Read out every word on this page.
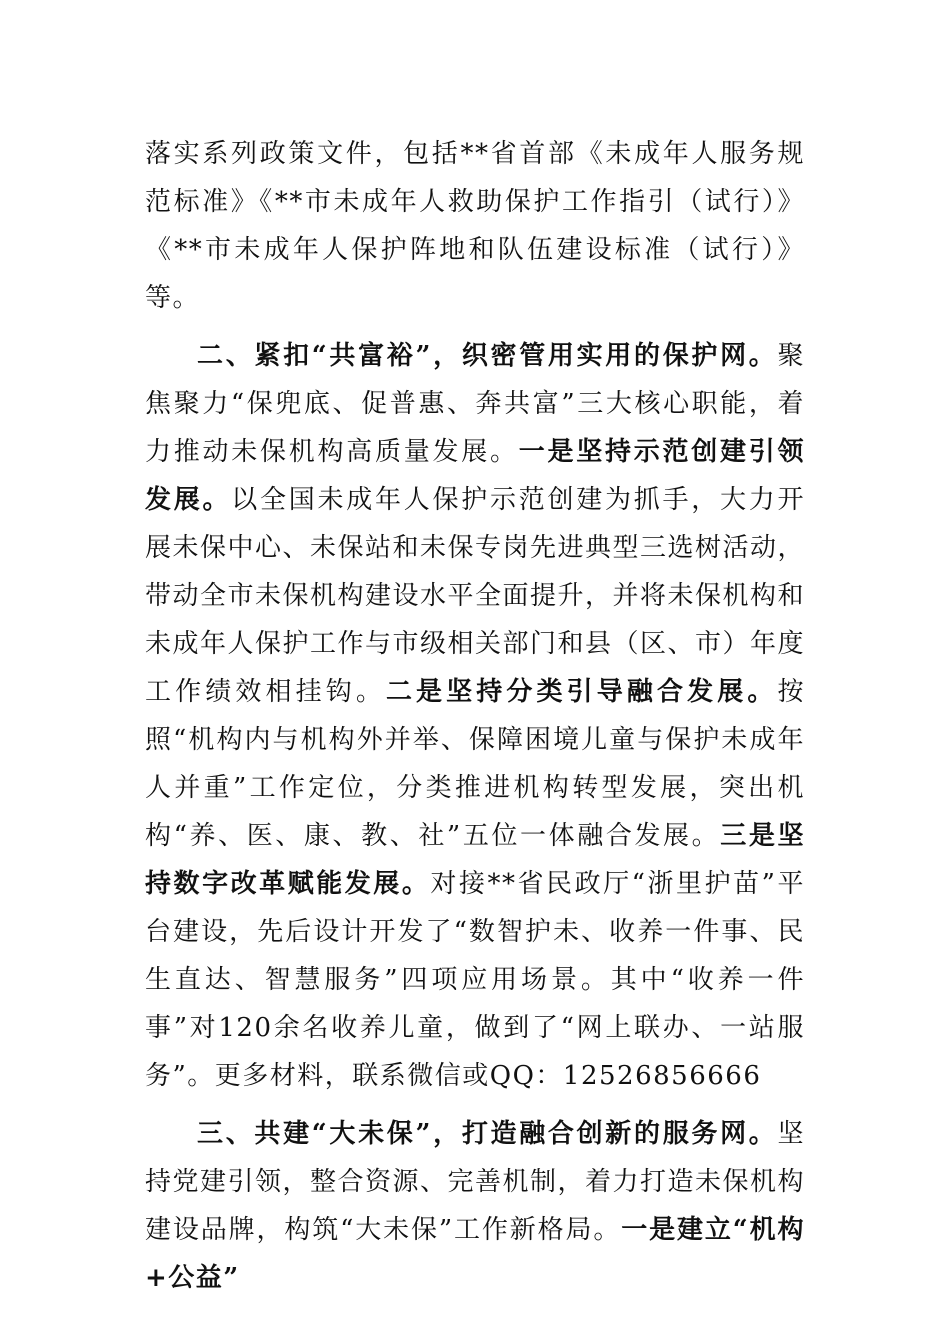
落实系列政策文件，包括**省首部《未成年人服务规范标准》《**市未成年人救助保护工作指引（试行）》《**市未成年人保护阵地和队伍建设标准（试行）》等。

二、紧扣“共富裕”，织密管用实用的保护网。聚焦聚力“保兜底、促普惠、奔共富”三大核心职能，着力推动未保机构高质量发展。一是坚持示范创建引领发展。以全国未成年人保护示范创建为抓手，大力开展未保中心、未保站和未保专岗先进典型三选树活动，带动全市未保机构建设水平全面提升，并将未保机构和未成年人保护工作与市级相关部门和县（区、市）年度工作绩效相挂钩。二是坚持分类引导融合发展。按照“机构内与机构外并举、保障困境儿童与保护未成年人并重”工作定位，分类推进机构转型发展，突出机构“养、医、康、教、社”五位一体融合发展。三是坚持数字改革赋能发展。对接**省民政厅“浙里护苗”平台建设，先后设计开发了“数智护未、收养一件事、民生直达、智慧服务”四项应用场景。其中“收养一件事”对120余名收养儿童，做到了“网上联办、一站服务”。更多材料，联系微信或QQ：12526856666

三、共建“大未保”，打造融合创新的服务网。坚持党建引领，整合资源、完善机制，着力打造未保机构建设品牌，构筑“大未保”工作新格局。一是建立“机构+公益”
